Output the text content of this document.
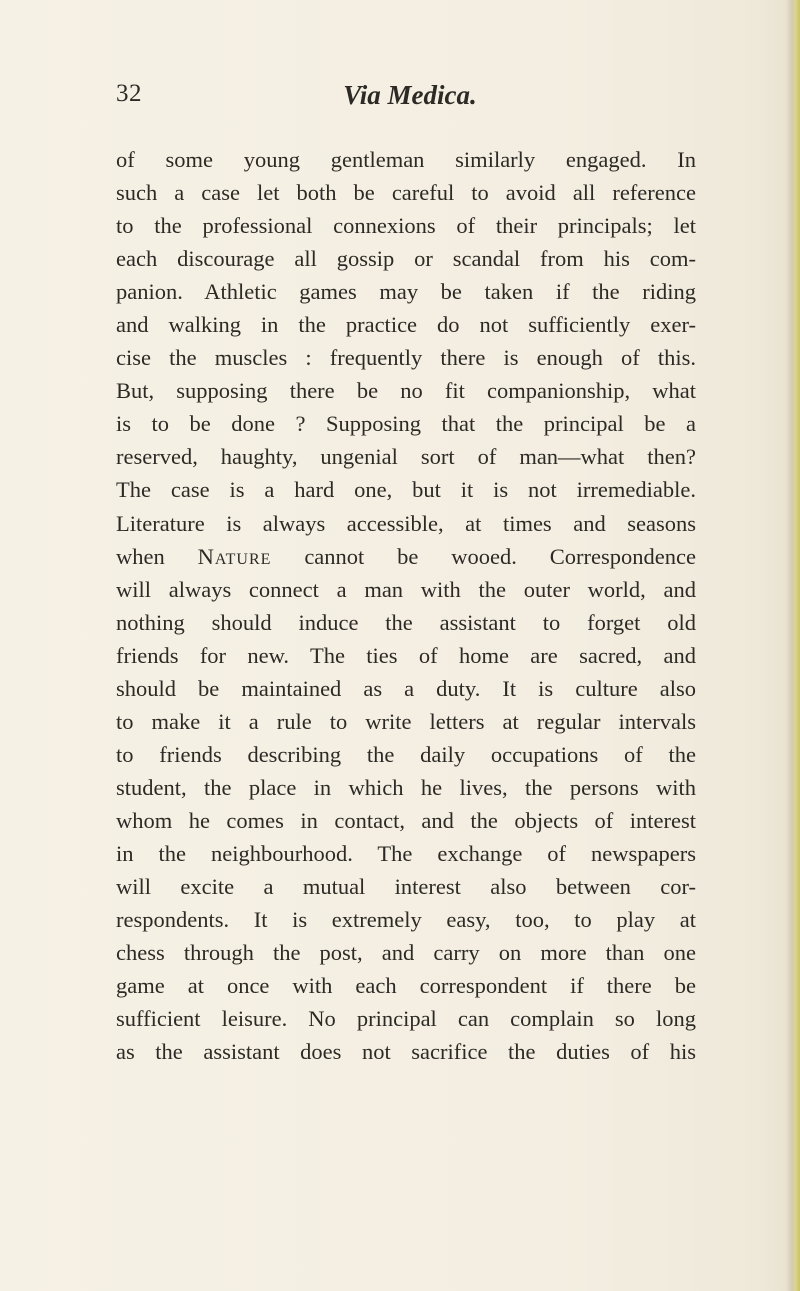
32	Via Medica.
of some young gentleman similarly engaged. In
such a case let both be careful to avoid all reference
to the professional connexions of their principals; let
each discourage all gossip or scandal from his com-
panion. Athletic games may be taken if the riding
and walking in the practice do not sufficiently exer-
cise the muscles : frequently there is enough of this.
But, supposing there be no fit companionship, what
is to be done ? Supposing that the principal be a
reserved, haughty, ungenial sort of man—what then?
The case is a hard one, but it is not irremediable.
Literature is always accessible, at times and seasons
when Nature cannot be wooed. Correspondence
will always connect a man with the outer world, and
nothing should induce the assistant to forget old
friends for new. The ties of home are sacred, and
should be maintained as a duty. It is culture also
to make it a rule to write letters at regular intervals
to friends describing the daily occupations of the
student, the place in which he lives, the persons with
whom he comes in contact, and the objects of interest
in the neighbourhood. The exchange of newspapers
will excite a mutual interest also between cor-
respondents. It is extremely easy, too, to play at
chess through the post, and carry on more than one
game at once with each correspondent if there be
sufficient leisure. No principal can complain so long
as the assistant does not sacrifice the duties of his
